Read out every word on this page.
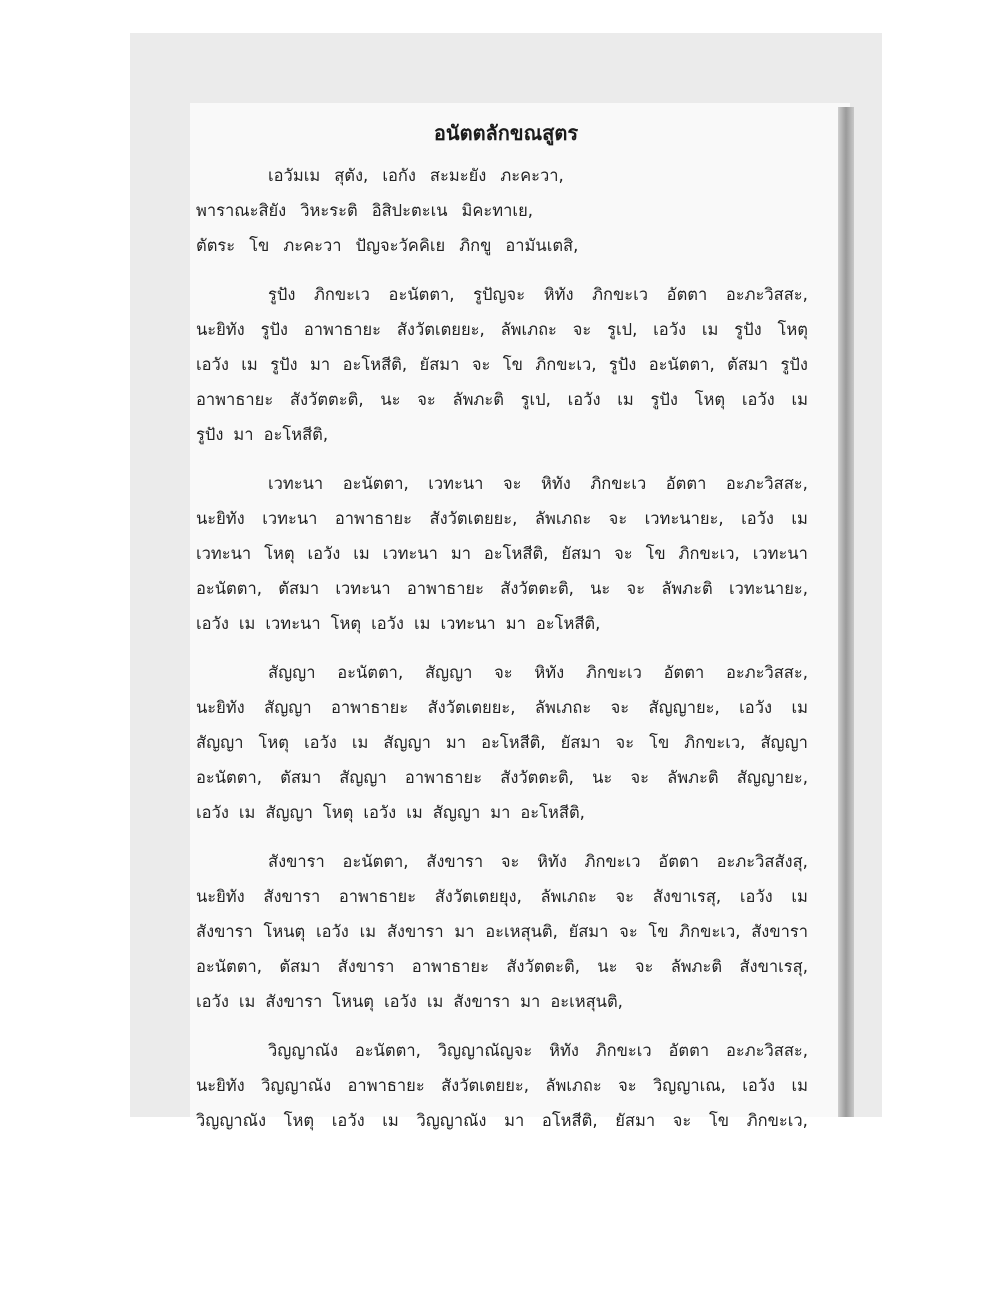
อนัตตลักขณสูตร
เอวัมเม สุตัง, เอกัง สะมะยัง ภะคะวา,
พาราณะสิยัง วิหะระติ อิสิปะตะเน มิคะทาเย,
ตัตระ โข ภะคะวา ปัญจะวัคคิเย ภิกขู อามันเตสิ,
รูปัง ภิกขะเว อะนัตตา, รูปัญจะ หิทัง ภิกขะเว อัตตา อะภะวิสสะ,
นะยิทัง รูปัง อาพาธายะ สังวัตเตยยะ, ลัพเภถะ จะ รูเป, เอวัง เม รูปัง โหตุ
เอวัง เม รูปัง มา อะโหสีติ, ยัสมา จะ โข ภิกขะเว, รูปัง อะนัตตา, ตัสมา รูปัง
อาพาธายะ สังวัตตะติ, นะ จะ ลัพภะติ รูเป, เอวัง เม รูปัง โหตุ เอวัง เม
รูปัง มา อะโหสีติ,
เวทะนา อะนัตตา, เวทะนา จะ หิทัง ภิกขะเว อัตตา อะภะวิสสะ,
นะยิทัง เวทะนา อาพาธายะ สังวัตเตยยะ, ลัพเภถะ จะ เวทะนายะ, เอวัง เม
เวทะนา โหตุ เอวัง เม เวทะนา มา อะโหสีติ, ยัสมา จะ โข ภิกขะเว, เวทะนา
อะนัตตา, ตัสมา เวทะนา อาพาธายะ สังวัตตะติ, นะ จะ ลัพภะติ เวทะนายะ,
เอวัง เม เวทะนา โหตุ เอวัง เม เวทะนา มา อะโหสีติ,
สัญญา อะนัตตา, สัญญา จะ หิทัง ภิกขะเว อัตตา อะภะวิสสะ,
นะยิทัง สัญญา อาพาธายะ สังวัตเตยยะ, ลัพเภถะ จะ สัญญายะ, เอวัง เม
สัญญา โหตุ เอวัง เม สัญญา มา อะโหสีติ, ยัสมา จะ โข ภิกขะเว, สัญญา
อะนัตตา, ตัสมา สัญญา อาพาธายะ สังวัตตะติ, นะ จะ ลัพภะติ สัญญายะ,
เอวัง เม สัญญา โหตุ เอวัง เม สัญญา มา อะโหสีติ,
สังขารา อะนัตตา, สังขารา จะ หิทัง ภิกขะเว อัตตา อะภะวิสสังสุ,
นะยิทัง สังขารา อาพาธายะ สังวัตเตยยุง, ลัพเภถะ จะ สังขาเรสุ, เอวัง เม
สังขารา โหนตุ เอวัง เม สังขารา มา อะเหสุนติ, ยัสมา จะ โข ภิกขะเว, สังขารา
อะนัตตา, ตัสมา สังขารา อาพาธายะ สังวัตตะติ, นะ จะ ลัพภะติ สังขาเรสุ,
เอวัง เม สังขารา โหนตุ เอวัง เม สังขารา มา อะเหสุนติ,
วิญญาณัง อะนัตตา, วิญญาณัญจะ หิทัง ภิกขะเว อัตตา อะภะวิสสะ,
นะยิทัง วิญญาณัง อาพาธายะ สังวัตเตยยะ, ลัพเภถะ จะ วิญญาเณ, เอวัง เม
วิญญาณัง โหตุ เอวัง เม วิญญาณัง มา อโหสีติ, ยัสมา จะ โข ภิกขะเว,
